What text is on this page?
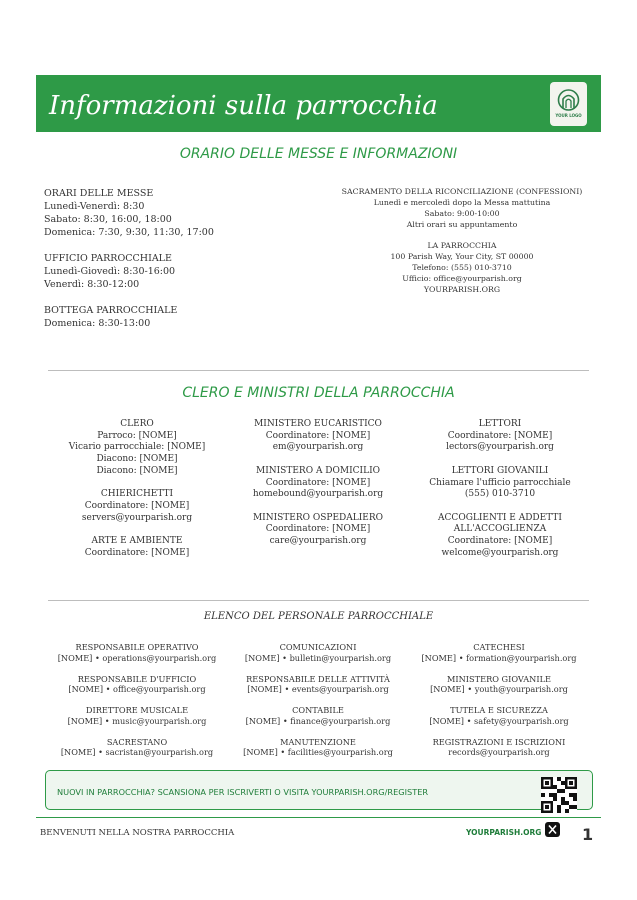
Informazioni sulla parrocchia	YOUR LOGO
ORARIO DELLE MESSE E INFORMAZIONI
ORARI DELLE MESSE
Lunedì-Venerdì: 8:30
Sabato: 8:30, 16:00, 18:00
Domenica: 7:30, 9:30, 11:30, 17:00
UFFICIO PARROCCHIALE
Lunedì-Giovedì: 8:30-16:00
Venerdì: 8:30-12:00
BOTTEGA PARROCCHIALE
Domenica: 8:30-13:00
SACRAMENTO DELLA RICONCILIAZIONE (CONFESSIONI)
Lunedì e mercoledì dopo la Messa mattutina
Sabato: 9:00-10:00
Altri orari su appuntamento
LA PARROCCHIA
100 Parish Way, Your City, ST 00000
Telefono: (555) 010-3710
Ufficio: office@yourparish.org
YOURPARISH.ORG
CLERO E MINISTRI DELLA PARROCCHIA
CLERO
Parroco: [NOME]
Vicario parrocchiale: [NOME]
Diacono: [NOME]
Diacono: [NOME]
CHIERICHETTI
Coordinatore: [NOME]
servers@yourparish.org
ARTE E AMBIENTE
Coordinatore: [NOME]
MINISTERO EUCARISTICO
Coordinatore: [NOME]
em@yourparish.org
MINISTERO A DOMICILIO
Coordinatore: [NOME]
homebound@yourparish.org
MINISTERO OSPEDALIERO
Coordinatore: [NOME]
care@yourparish.org
LETTORI
Coordinatore: [NOME]
lectors@yourparish.org
LETTORI GIOVANILI
Chiamare l'ufficio parrocchiale
(555) 010-3710
ACCOGLIENTI E ADDETTI
ALL'ACCOGLIENZA
Coordinatore: [NOME]
welcome@yourparish.org
ELENCO DEL PERSONALE PARROCCHIALE
RESPONSABILE OPERATIVO
[NOME] • operations@yourparish.org
RESPONSABILE D'UFFICIO
[NOME] • office@yourparish.org
DIRETTORE MUSICALE
[NOME] • music@yourparish.org
SACRESTANO
[NOME] • sacristan@yourparish.org
COMUNICAZIONI
[NOME] • bulletin@yourparish.org
RESPONSABILE DELLE ATTIVITÀ
[NOME] • events@yourparish.org
CONTABILE
[NOME] • finance@yourparish.org
MANUTENZIONE
[NOME] • facilities@yourparish.org
CATECHESI
[NOME] • formation@yourparish.org
MINISTERO GIOVANILE
[NOME] • youth@yourparish.org
TUTELA E SICUREZZA
[NOME] • safety@yourparish.org
REGISTRAZIONI E ISCRIZIONI
records@yourparish.org
NUOVI IN PARROCCHIA? SCANSIONA PER ISCRIVERTI O VISITA YOURPARISH.ORG/REGISTER
BENVENUTI NELLA NOSTRA PARROCCHIA	YOURPARISH.ORG	1
